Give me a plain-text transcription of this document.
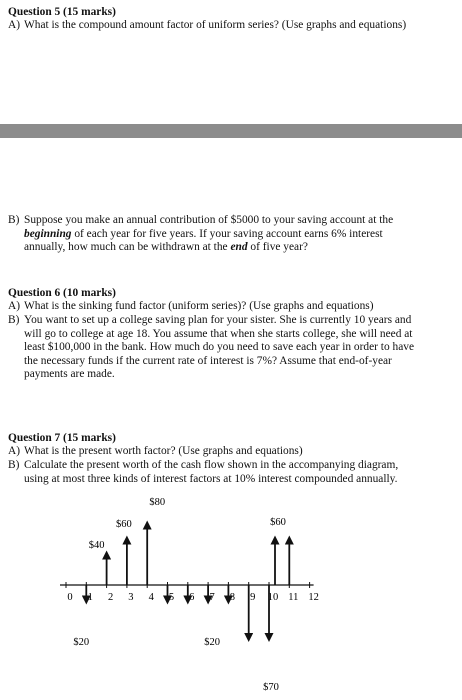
Question 5 (15 marks)
A) What is the compound amount factor of uniform series? (Use graphs and equations)
B) Suppose you make an annual contribution of $5000 to your saving account at the
beginning of each year for five years. If your saving account earns 6% interest
annually, how much can be withdrawn at the end of five year?
Question 6 (10 marks)
A) What is the sinking fund factor (uniform series)? (Use graphs and equations)
B) You want to set up a college saving plan for your sister. She is currently 10 years and
will go to college at age 18. You assume that when she starts college, she will need at
least $100,000 in the bank. How much do you need to save each year in order to have
the necessary funds if the current rate of interest is 7%? Assume that end-of-year
payments are made.
Question 7 (15 marks)
A) What is the present worth factor? (Use graphs and equations)
B) Calculate the present worth of the cash flow shown in the accompanying diagram,
using at most three kinds of interest factors at 10% interest compounded annually.
0 1 2 3 4 5 6 7 8 9 10 11 12
$80
$60
$40
$60
$20	$20
$70
